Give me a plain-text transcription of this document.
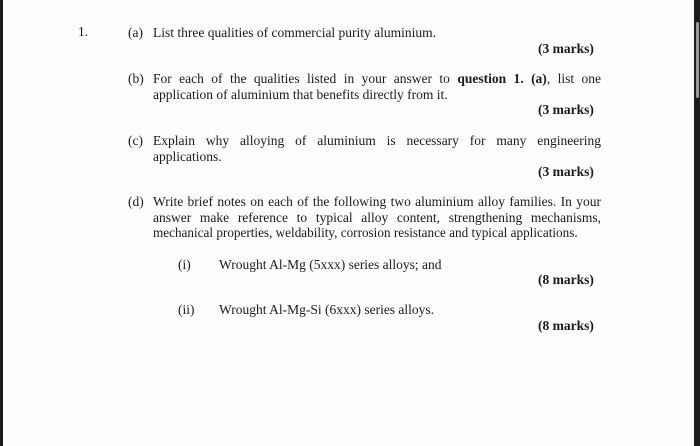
1.	(a) List three qualities of commercial purity aluminium.
(3 marks)
(b) For each of the qualities listed in your answer to question 1. (a), list one
application of aluminium that benefits directly from it.
(3 marks)
(c) Explain why alloying of aluminium is necessary for many engineering
applications.
(3 marks)
(d) Write brief notes on each of the following two aluminium alloy families. In your
answer make reference to typical alloy content, strengthening mechanisms,
mechanical properties, weldability, corrosion resistance and typical applications.
(i) Wrought Al-Mg (5xxx) series alloys; and
(8 marks)
(ii) Wrought Al-Mg-Si (6xxx) series alloys.
(8 marks)
